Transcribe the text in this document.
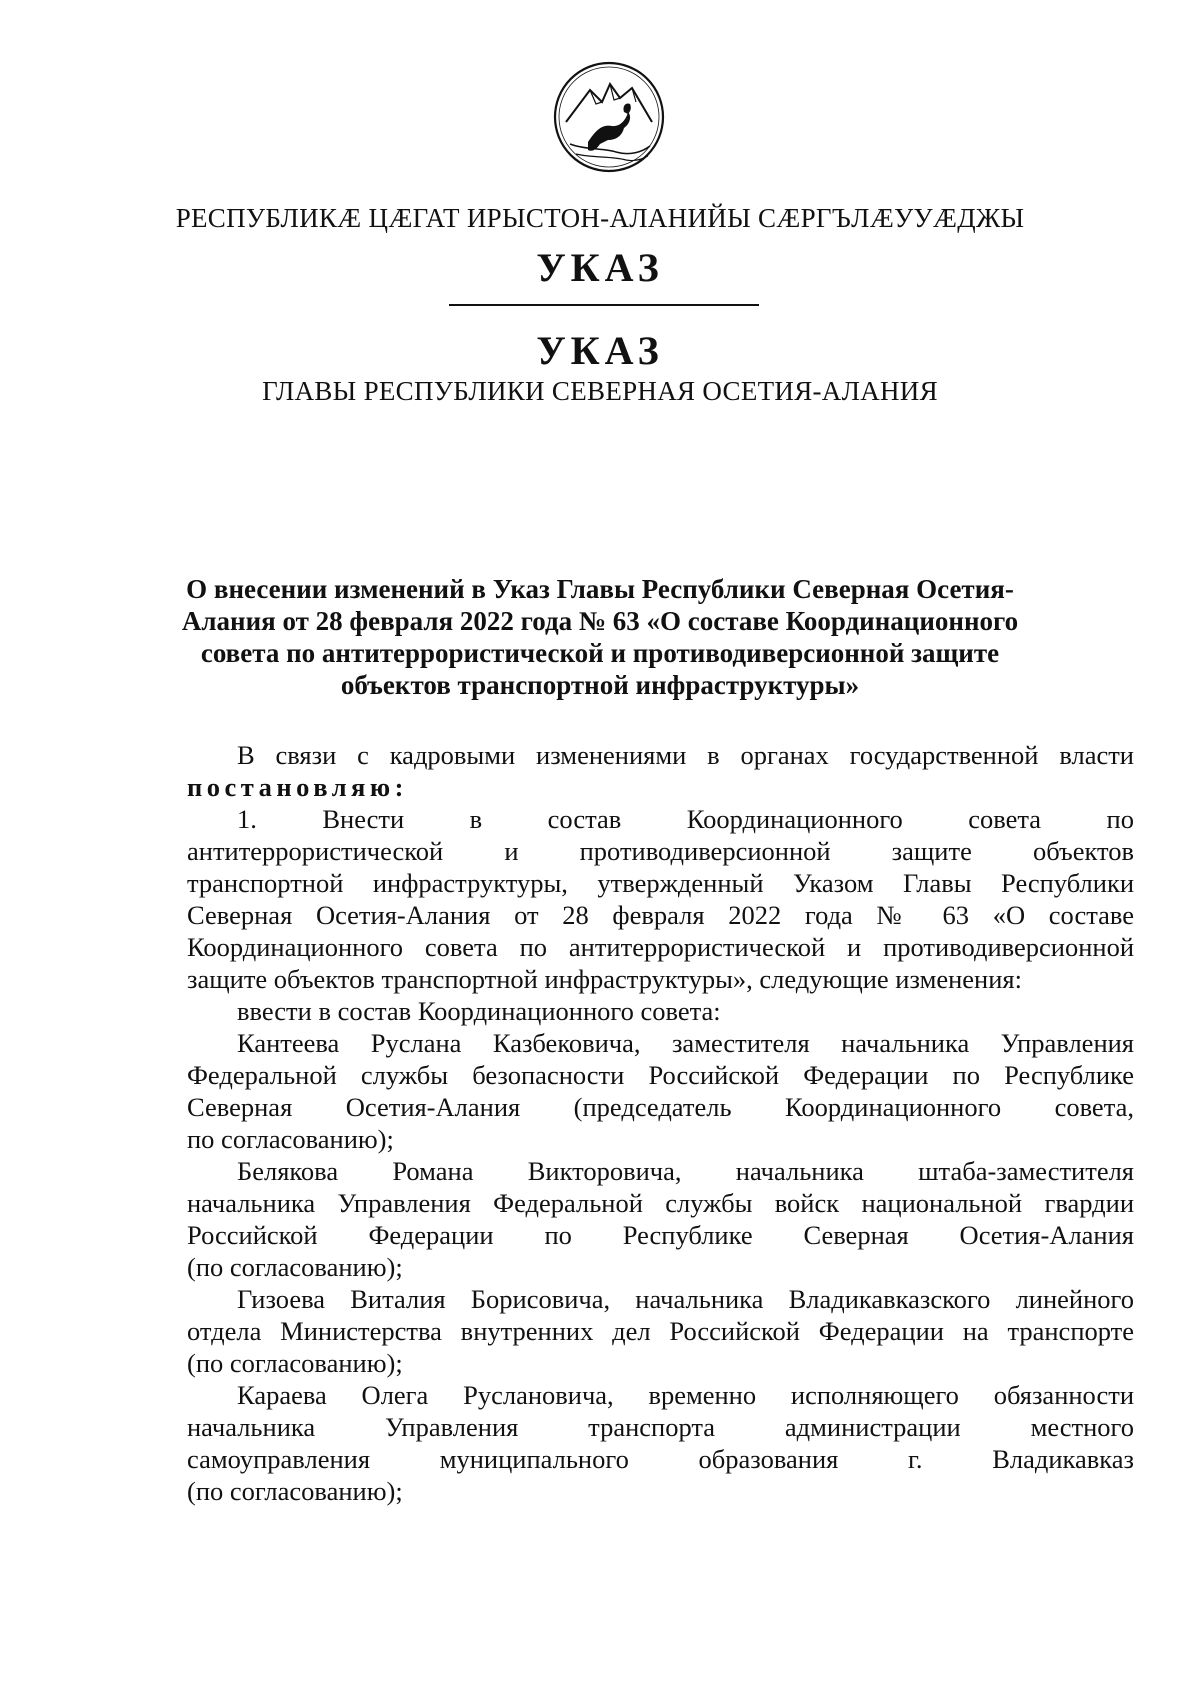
РЕСПУБЛИКӔ ЦӔГАТ ИРЫСТОН-АЛАНИЙЫ СӔРГЪЛӔУУӔДЖЫ
УКАЗ
УКАЗ
ГЛАВЫ РЕСПУБЛИКИ СЕВЕРНАЯ ОСЕТИЯ-АЛАНИЯ
О внесении изменений в Указ Главы Республики Северная Осетия-
Алания от 28 февраля 2022 года № 63 «О составе Координационного
совета по антитеррористической и противодиверсионной защите
объектов транспортной инфраструктуры»
В связи с кадровыми изменениями в органах государственной власти
постановляю:
1. Внести в состав Координационного совета по
антитеррористической и противодиверсионной защите объектов
транспортной инфраструктуры, утвержденный Указом Главы Республики
Северная Осетия-Алания от 28 февраля 2022 года № 63 «О составе
Координационного совета по антитеррористической и противодиверсионной
защите объектов транспортной инфраструктуры», следующие изменения:
ввести в состав Координационного совета:
Кантеева Руслана Казбековича, заместителя начальника Управления
Федеральной службы безопасности Российской Федерации по Республике
Северная Осетия-Алания (председатель Координационного совета,
по согласованию);
Белякова Романа Викторовича, начальника штаба-заместителя
начальника Управления Федеральной службы войск национальной гвардии
Российской Федерации по Республике Северная Осетия-Алания
(по согласованию);
Гизоева Виталия Борисовича, начальника Владикавказского линейного
отдела Министерства внутренних дел Российской Федерации на транспорте
(по согласованию);
Караева Олега Руслановича, временно исполняющего обязанности
начальника Управления транспорта администрации местного
самоуправления муниципального образования г. Владикавказ
(по согласованию);
